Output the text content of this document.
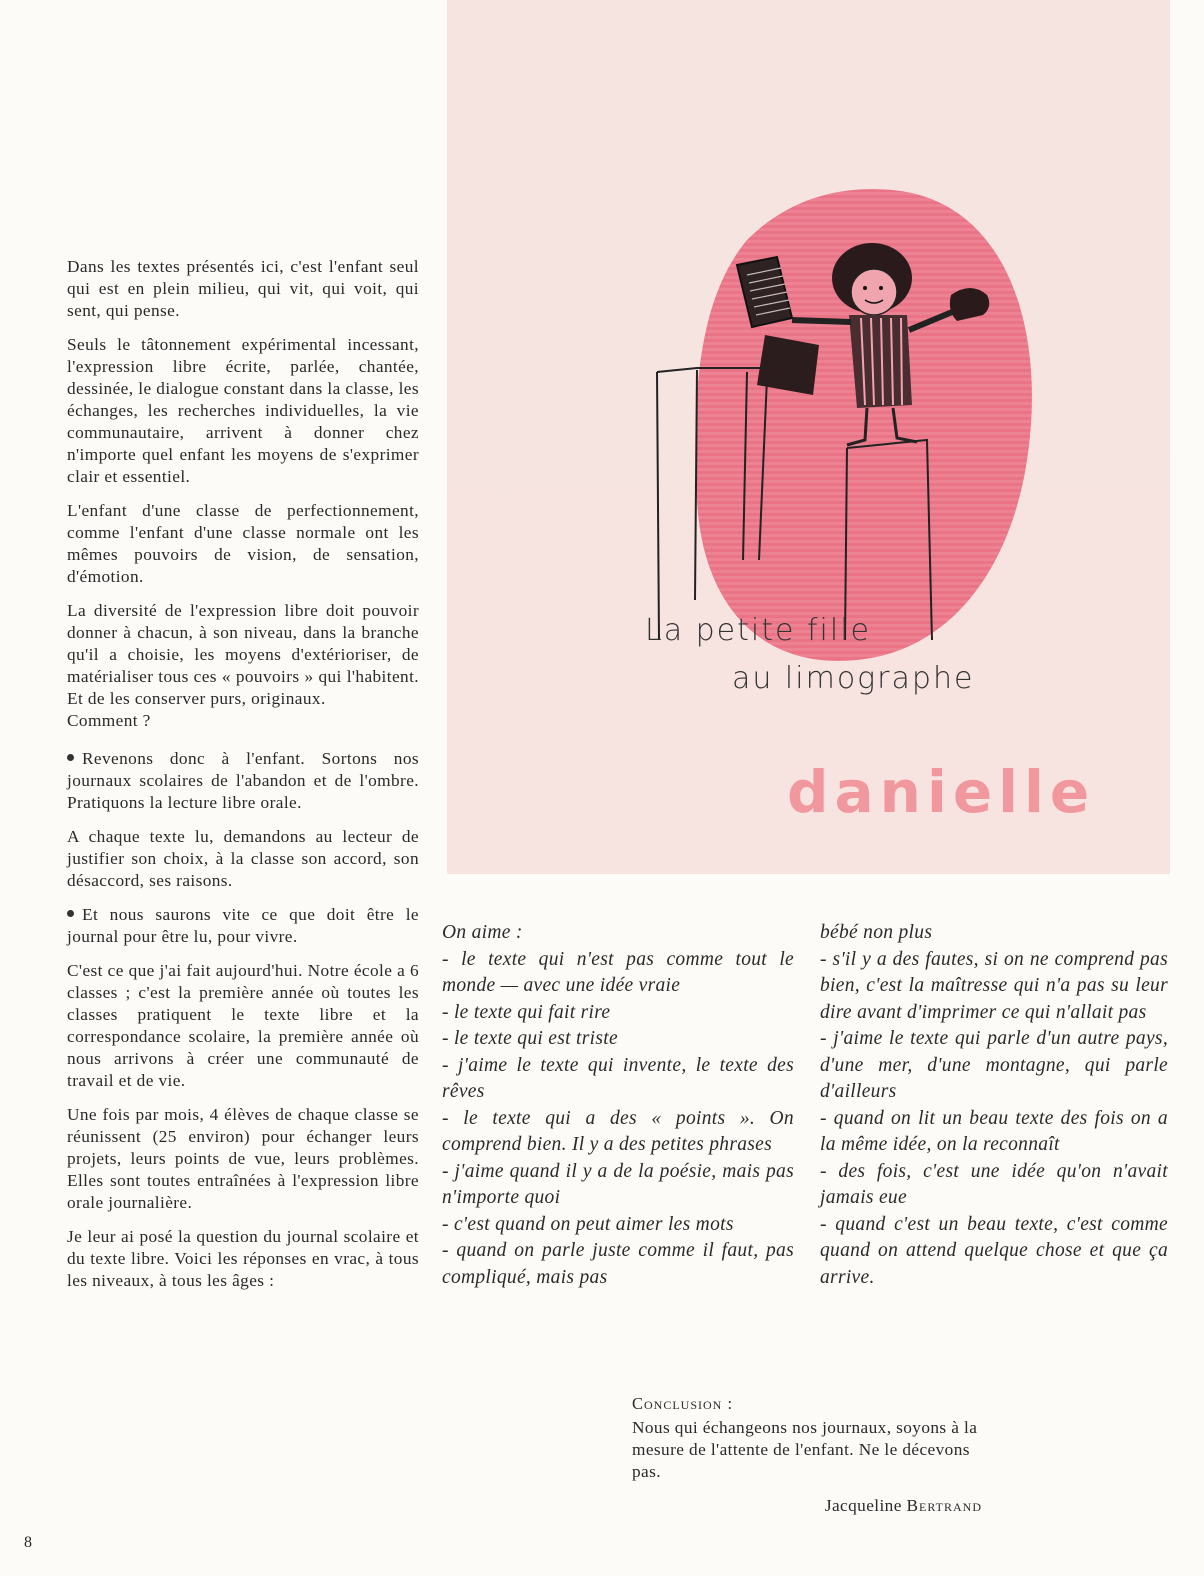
Dans les textes présentés ici, c'est l'enfant seul qui est en plein milieu, qui vit, qui voit, qui sent, qui pense.

Seuls le tâtonnement expérimental incessant, l'expression libre écrite, parlée, chantée, dessinée, le dialogue constant dans la classe, les échanges, les recherches individuelles, la vie communautaire, arrivent à donner chez n'importe quel enfant les moyens de s'exprimer clair et essentiel.

L'enfant d'une classe de perfectionnement, comme l'enfant d'une classe normale ont les mêmes pouvoirs de vision, de sensation, d'émotion.

La diversité de l'expression libre doit pouvoir donner à chacun, à son niveau, dans la branche qu'il a choisie, les moyens d'extérioriser, de matérialiser tous ces « pouvoirs » qui l'habitent. Et de les conserver purs, originaux.

Comment ?

Revenons donc à l'enfant. Sortons nos journaux scolaires de l'abandon et de l'ombre. Pratiquons la lecture libre orale.

A chaque texte lu, demandons au lecteur de justifier son choix, à la classe son accord, son désaccord, ses raisons.

Et nous saurons vite ce que doit être le journal pour être lu, pour vivre.

C'est ce que j'ai fait aujourd'hui. Notre école a 6 classes ; c'est la première année où toutes les classes pratiquent le texte libre et la correspondance scolaire, la première année où nous arrivons à créer une communauté de travail et de vie.

Une fois par mois, 4 élèves de chaque classe se réunissent (25 environ) pour échanger leurs projets, leurs points de vue, leurs problèmes. Elles sont toutes entraînées à l'expression libre orale journalière.

Je leur ai posé la question du journal scolaire et du texte libre. Voici les réponses en vrac, à tous les niveaux, à tous les âges :

La petite fille
au limographe
danielle
On aime :
- le texte qui n'est pas comme tout le monde — avec une idée vraie
- le texte qui fait rire
- le texte qui est triste
- j'aime le texte qui invente, le texte des rêves
- le texte qui a des « points ». On comprend bien. Il y a des petites phrases
- j'aime quand il y a de la poésie, mais pas n'importe quoi
- c'est quand on peut aimer les mots
- quand on parle juste comme il faut, pas compliqué, mais pas
bébé non plus
- s'il y a des fautes, si on ne comprend pas bien, c'est la maîtresse qui n'a pas su leur dire avant d'imprimer ce qui n'allait pas
- j'aime le texte qui parle d'un autre pays, d'une mer, d'une montagne, qui parle d'ailleurs
- quand on lit un beau texte des fois on a la même idée, on la reconnaît
- des fois, c'est une idée qu'on n'avait jamais eue
- quand c'est un beau texte, c'est comme quand on attend quelque chose et que ça arrive.
Conclusion :

Nous qui échangeons nos journaux, soyons à la mesure de l'attente de l'enfant. Ne le décevons pas.

Jacqueline Bertrand
8
